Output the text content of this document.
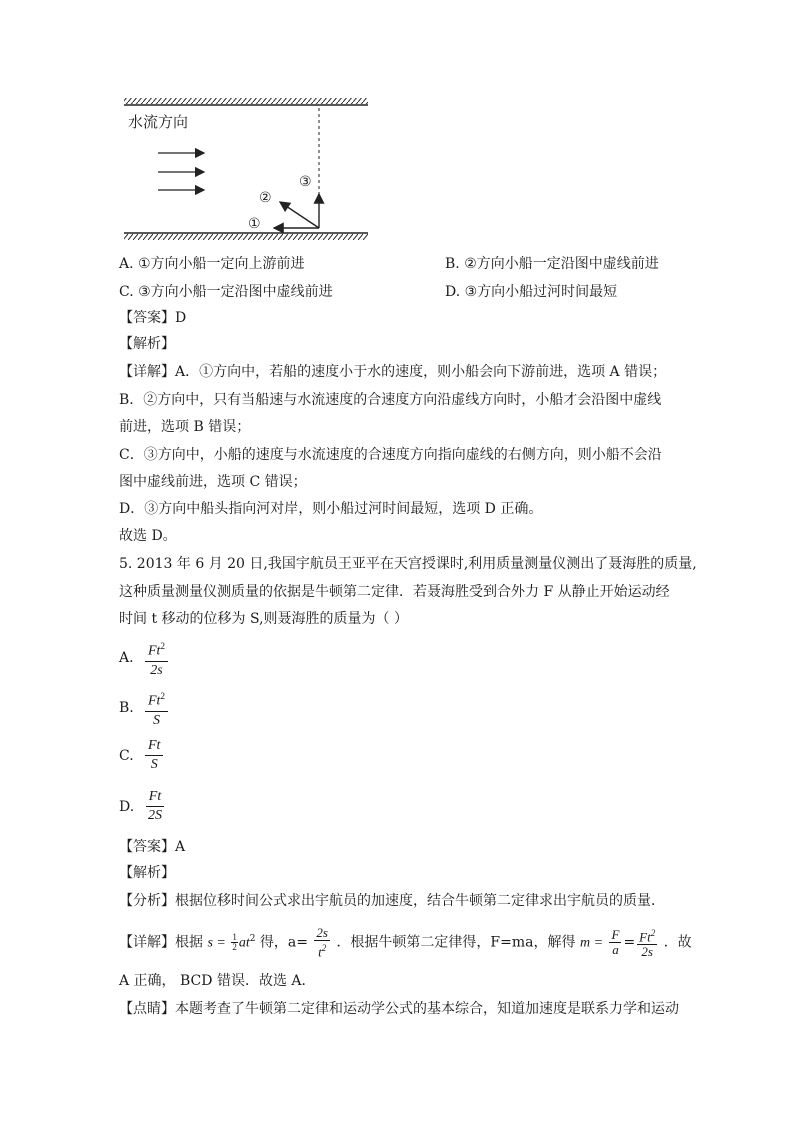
水流方向
①
②
③
A. ①方向小船一定向上游前进	B. ②方向小船一定沿图中虚线前进
C. ③方向小船一定沿图中虚线前进	D. ③方向小船过河时间最短
【答案】D
【解析】
【详解】A．①方向中，若船的速度小于水的速度，则小船会向下游前进，选项 A 错误；
B．②方向中，只有当船速与水流速度的合速度方向沿虚线方向时，小船才会沿图中虚线
前进，选项 B 错误；
C．③方向中，小船的速度与水流速度的合速度方向指向虚线的右侧方向，则小船不会沿
图中虚线前进，选项 C 错误；
D．③方向中船头指向河对岸，则小船过河时间最短，选项 D 正确。
故选 D。
5. 2013 年 6 月 20 日,我国宇航员王亚平在天宫授课时,利用质量测量仪测出了聂海胜的质量,
这种质量测量仪测质量的依据是牛顿第二定律．若聂海胜受到合外力 F 从静止开始运动经
时间 t 移动的位移为 S,则聂海胜的质量为（ ）
A. $\frac{Ft^2}{2s}$
B. $\frac{Ft^2}{S}$
C. $\frac{Ft}{S}$
D. $\frac{Ft}{2S}$
【答案】A
【解析】
【分析】根据位移时间公式求出宇航员的加速度，结合牛顿第二定律求出宇航员的质量．
【详解】根据 $s = \frac{1}{2} at^2$ 得，$a= \frac{2s}{t^2}$ ．根据牛顿第二定律得，F=ma，解得 $m = \frac{F}{a} = \frac{Ft^2}{2s}$ ．故
A 正确， BCD 错误．故选 A．
【点睛】本题考查了牛顿第二定律和运动学公式的基本综合，知道加速度是联系力学和运动
